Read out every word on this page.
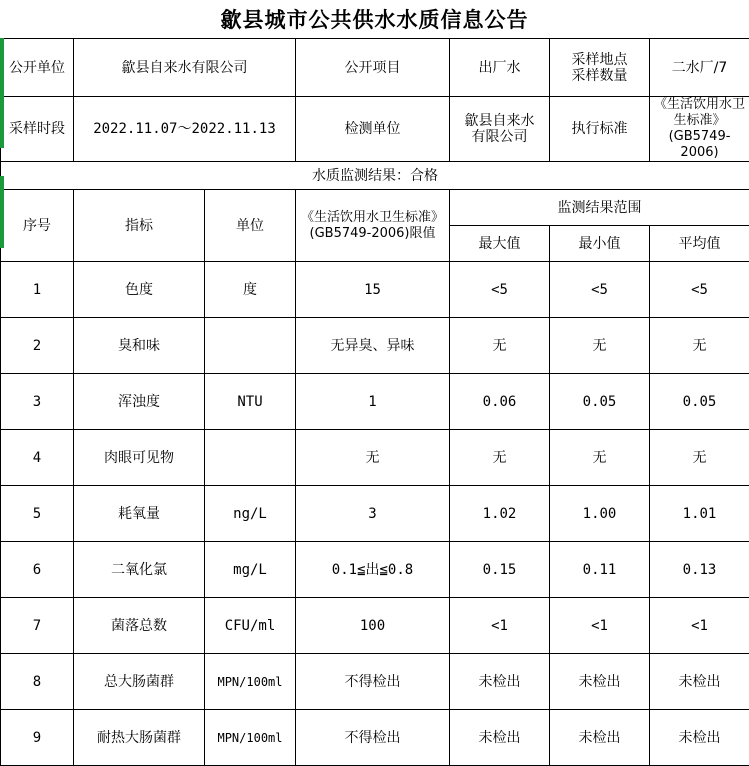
歙县城市公共供水水质信息公告
公开单位	歙县自来水有限公司		公开项目	出厂水	采样地点
采样数量	二水厂/7
采样时段	2022.11.07～2022.11.13		检测单位	歙县自来水
有限公司	执行标准	《生活饮用水卫生标准》
(GB5749-2006)
水质监测结果：合格						
序号	指标	单位	《生活饮用水卫生标准》
(GB5749-2006)限值	监测结果范围		
				最大值	最小值	平均值
1	色度	度	15	<5	<5	<5
2	臭和味		无异臭、异味	无	无	无
3	浑浊度	NTU	1	0.06	0.05	0.05
4	肉眼可见物		无	无	无	无
5	耗氧量	ng/L	3	1.02	1.00	1.01
6	二氧化氯	mg/L	0.1≦出≦0.8	0.15	0.11	0.13
7	菌落总数	CFU/ml	100	<1	<1	<1
8	总大肠菌群	MPN/100ml	不得检出	未检出	未检出	未检出
9	耐热大肠菌群	MPN/100ml	不得检出	未检出	未检出	未检出
